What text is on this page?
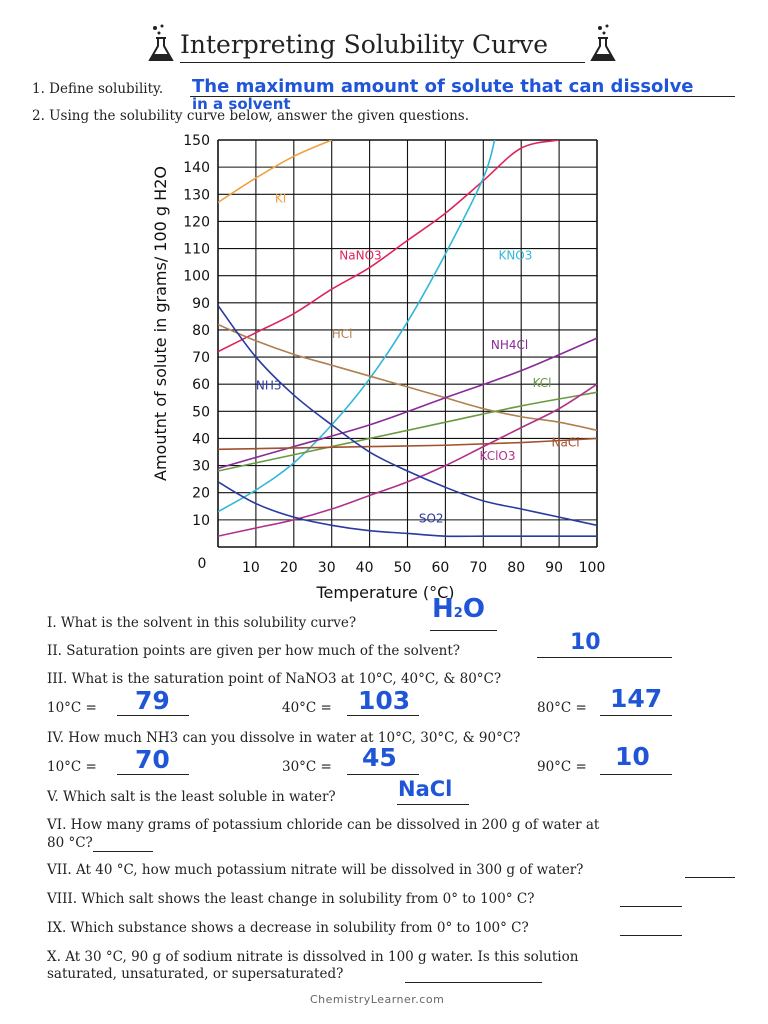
Interpreting Solubility Curve
1. Define solubility. The maximum amount of solute that can dissolve
in a solvent
2. Using the solubility curve below, answer the given questions.
10
20
30
40
50
60
70
80
90
100
110
120
130
140
150
0	10 20 30 40 50 60 70 80 90 100
Temperature (°C)
Amoutnt of solute in grams/ 100 g H2O	KI
NaNO3	KNO3
HCl
NH4Cl
KCl
NaCl
KClO3
NH3
SO2
I. What is the solvent in this solubility curve?	H2O
II. Saturation points are given per how much of the solvent?	10
III. What is the saturation point of NaNO3 at 10°C, 40°C, & 80°C?
10°C = 79	40°C = 103	80°C = 147
IV. How much NH3 can you dissolve in water at 10°C, 30°C, & 90°C?
10°C = 70	30°C = 45	90°C = 10
V. Which salt is the least soluble in water?	NaCl
VI. How many grams of potassium chloride can be dissolved in 200 g of water at
80 °C?
VII. At 40 °C, how much potassium nitrate will be dissolved in 300 g of water?
VIII. Which salt shows the least change in solubility from 0° to 100° C?
IX. Which substance shows a decrease in solubility from 0° to 100° C?
X. At 30 °C, 90 g of sodium nitrate is dissolved in 100 g water. Is this solution
saturated, unsaturated, or supersaturated?
ChemistryLearner.com
